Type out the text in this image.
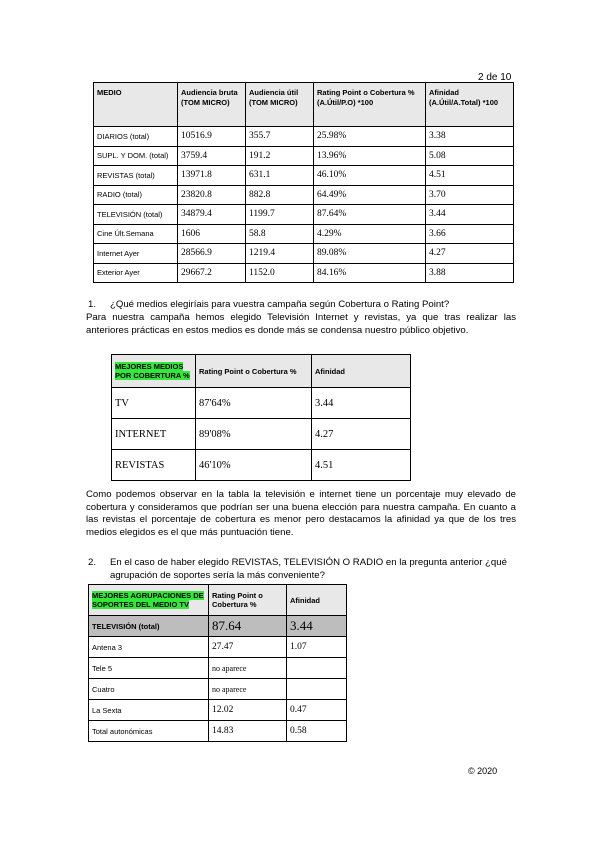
2 de 10
MEDIO	Audiencia bruta (TOM MICRO)	Audiencia útil (TOM MICRO)	Rating Point o Cobertura % (A.Útil/P.O) *100	Afinidad (A.Útil/A.Total) *100
DIARIOS (total)	10516.9	355.7	25.98%	3.38
SUPL. Y DOM. (total)	3759.4	191.2	13.96%	5.08
REVISTAS (total)	13971.8	631.1	46.10%	4.51
RADIO (total)	23820.8	882.8	64.49%	3.70
TELEVISIÓN (total)	34879.4	1199.7	87.64%	3.44
Cine Últ.Semana	1606	58.8	4.29%	3.66
Internet Ayer	28566.9	1219.4	89.08%	4.27
Exterior Ayer	29667.2	1152.0	84.16%	3.88

1. ¿Qué medios elegiríais para vuestra campaña según Cobertura o Rating Point?

Para nuestra campaña hemos elegido Televisión Internet y revistas, ya que tras realizar las anteriores prácticas en estos medios es donde más se condensa nuestro público objetivo.

MEJORES MEDIOS POR COBERTURA %	Rating Point o Cobertura %	Afinidad
TV	87'64%	3.44
INTERNET	89'08%	4.27
REVISTAS	46'10%	4.51

Como podemos observar en la tabla la televisión e internet tiene un porcentaje muy elevado de cobertura y consideramos que podrían ser una buena elección para nuestra campaña. En cuanto a las revistas el porcentaje de cobertura es menor pero destacamos la afinidad ya que de los tres medios elegidos es el que más puntuación tiene.

2. En el caso de haber elegido REVISTAS, TELEVISIÓN O RADIO en la pregunta anterior ¿qué
agrupación de soportes sería la más conveniente?

MEJORES AGRUPACIONES DE SOPORTES DEL MEDIO TV	Rating Point o Cobertura %	Afinidad
TELEVISIÓN (total)	87.64	3.44
Antena 3	27.47	1.07
Tele 5	no aparece	
Cuatro	no aparece	
La Sexta	12.02	0.47
Total autonómicas	14.83	0.58
© 2020
